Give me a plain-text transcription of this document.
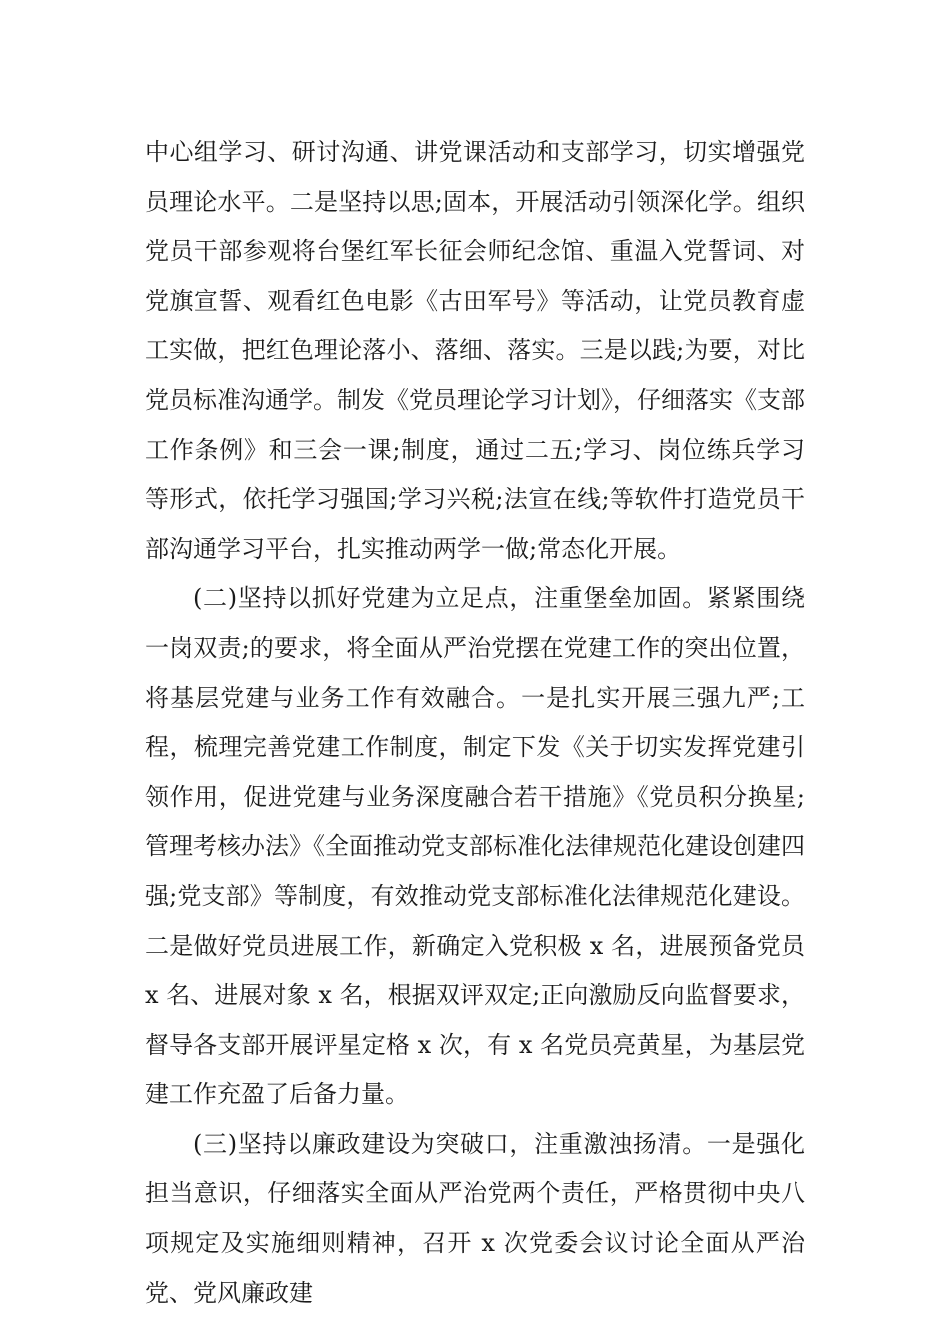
中心组学习、研讨沟通、讲党课活动和支部学习，切实增强党员理论水平。二是坚持以思;固本，开展活动引领深化学。组织党员干部参观将台堡红军长征会师纪念馆、重温入党誓词、对党旗宣誓、观看红色电影《古田军号》等活动，让党员教育虚工实做，把红色理论落小、落细、落实。三是以践;为要，对比党员标准沟通学。制发《党员理论学习计划》，仔细落实《支部工作条例》和三会一课;制度，通过二五;学习、岗位练兵学习等形式，依托学习强国;学习兴税;法宣在线;等软件打造党员干部沟通学习平台，扎实推动两学一做;常态化开展。

(二)坚持以抓好党建为立足点，注重堡垒加固。紧紧围绕一岗双责;的要求，将全面从严治党摆在党建工作的突出位置，将基层党建与业务工作有效融合。一是扎实开展三强九严;工程，梳理完善党建工作制度，制定下发《关于切实发挥党建引领作用，促进党建与业务深度融合若干措施》《党员积分换星;管理考核办法》《全面推动党支部标准化法律规范化建设创建四强;党支部》等制度，有效推动党支部标准化法律规范化建设。二是做好党员进展工作，新确定入党积极 x 名，进展预备党员 x 名、进展对象 x 名，根据双评双定;正向激励反向监督要求，督导各支部开展评星定格 x 次，有 x 名党员亮黄星，为基层党建工作充盈了后备力量。

(三)坚持以廉政建设为突破口，注重激浊扬清。一是强化担当意识，仔细落实全面从严治党两个责任，严格贯彻中央八项规定及实施细则精神，召开 x 次党委会议讨论全面从严治党、党风廉政建
